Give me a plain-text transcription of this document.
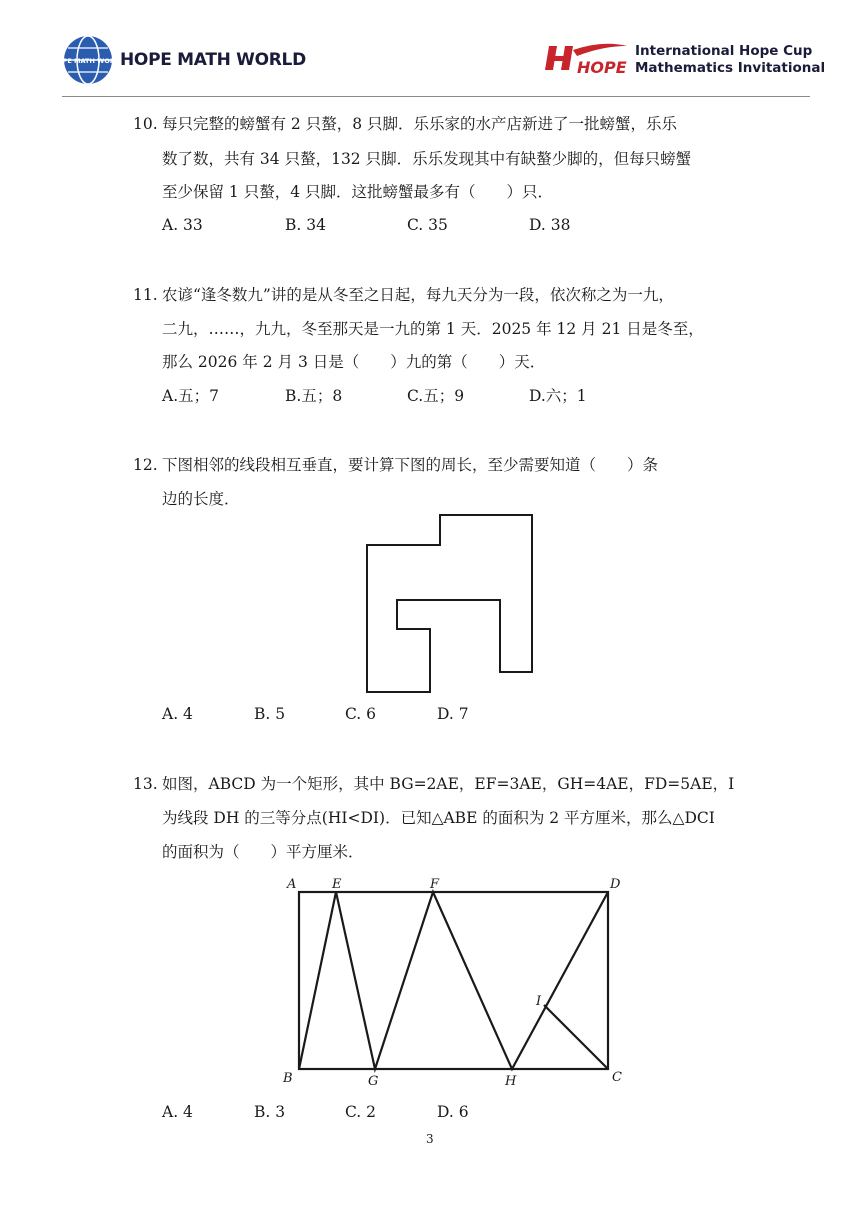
HOPE MATH WORLD
HOPE MATH WORLD	HOPE
International Hope Cup
Mathematics Invitational
10. 每只完整的螃蟹有 2 只螯，8 只脚．乐乐家的水产店新进了一批螃蟹，乐乐
数了数，共有 34 只螯，132 只脚．乐乐发现其中有缺螯少脚的，但每只螃蟹
至少保留 1 只螯，4 只脚．这批螃蟹最多有（　　）只．
A. 33	B. 34	C. 35	D. 38
11. 农谚“逢冬数九”讲的是从冬至之日起，每九天分为一段，依次称之为一九，
二九，……，九九，冬至那天是一九的第 1 天．2025 年 12 月 21 日是冬至，
那么 2026 年 2 月 3 日是（　　）九的第（　　）天．
A.五；7	B.五；8	C.五；9	D.六；1
12. 下图相邻的线段相互垂直，要计算下图的周长，至少需要知道（　　）条
边的长度．
A. 4	B. 5	C. 6	D. 7
13. 如图，ABCD 为一个矩形，其中 BG=2AE，EF=3AE，GH=4AE，FD=5AE，I
为线段 DH 的三等分点(HI<DI)．已知△ABE 的面积为 2 平方厘米，那么△DCI
的面积为（　　）平方厘米．
A	E	F	D
I
B	G	H	C
A. 4	B. 3	C. 2	D. 6
3
